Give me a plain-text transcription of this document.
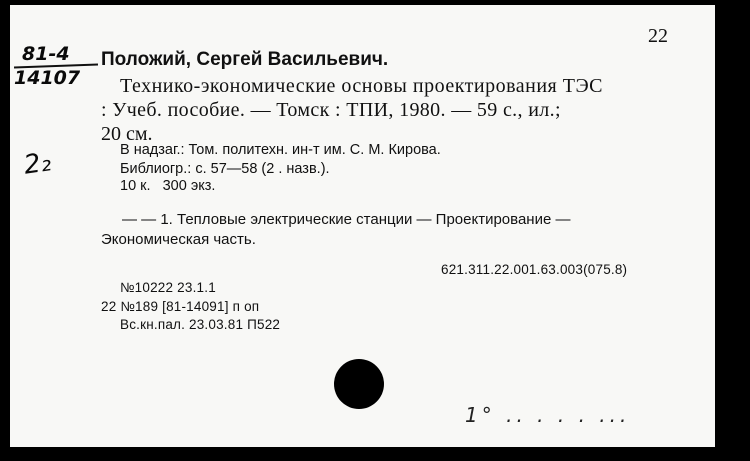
22
81-4
14107
Положий, Сергей Васильевич.
Технико-экономические основы проектирования ТЭС
: Учеб. пособие. — Томск : ТПИ, 1980. — 59 с., ил.;
20 см.
В надзаг.: Том. политехн. ин-т им. С. М. Кирова.
Библиогр.: с. 57—58 (2 . назв.).
10 к.   300 экз.
2₂
— — 1. Тепловые электрические станции — Проектирование —
Экономическая часть.
621.311.22.001.63.003(075.8)
№10222 23.1.1
22 №189 [81-14091] п оп
Вс.кн.пал. 23.03.81 П522
1° .. . . . ...
